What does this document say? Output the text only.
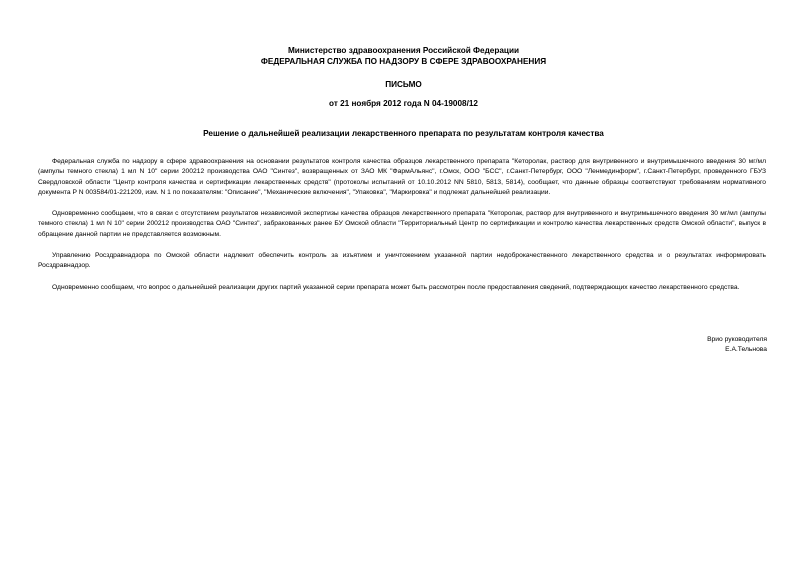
Министерство здравоохранения Российской Федерации
ФЕДЕРАЛЬНАЯ СЛУЖБА ПО НАДЗОРУ В СФЕРЕ ЗДРАВООХРАНЕНИЯ
ПИСЬМО
от 21 ноября 2012 года N 04-19008/12
Решение о дальнейшей реализации лекарственного препарата по результатам контроля качества

Федеральная служба по надзору в сфере здравоохранения на основании результатов контроля качества образцов лекарственного препарата "Кеторолак, раствор для внутривенного и внутримышечного введения 30 мг/мл (ампулы темного стекла) 1 мл N 10" серии 200212 производства ОАО "Синтез", возвращенных от ЗАО МК "ФармАльянс", г.Омск, ООО "БСС", г.Санкт-Петербург, ООО "Ленмединформ", г.Санкт-Петербург, проведенного ГБУЗ Свердловской области "Центр контроля качества и сертификации лекарственных средств" (протоколы испытаний от 10.10.2012 NN 5810, 5813, 5814), сообщает, что данные образцы соответствуют требованиям нормативного документа Р N 003584/01-221209, изм. N 1 по показателям: "Описание", "Механические включения", "Упаковка", "Маркировка" и подлежат дальнейшей реализации.

Одновременно сообщаем, что в связи с отсутствием результатов независимой экспертизы качества образцов лекарственного препарата "Кеторолак, раствор для внутривенного и внутримышечного введения 30 мг/мл (ампулы темного стекла) 1 мл N 10" серии 200212 производства ОАО "Синтез", забракованных ранее БУ Омской области "Территориальный Центр по сертификации и контролю качества лекарственных средств Омской области", выпуск в обращение данной партии не представляется возможным.

Управлению Росздравнадзора по Омской области надлежит обеспечить контроль за изъятием и уничтожением указанной партии недоброкачественного лекарственного средства и о результатах информировать Росздравнадзор.

Одновременно сообщаем, что вопрос о дальнейшей реализации других партий указанной серии препарата может быть рассмотрен после предоставления сведений, подтверждающих качество лекарственного средства.

Врио руководителя
Е.А.Тельнова
